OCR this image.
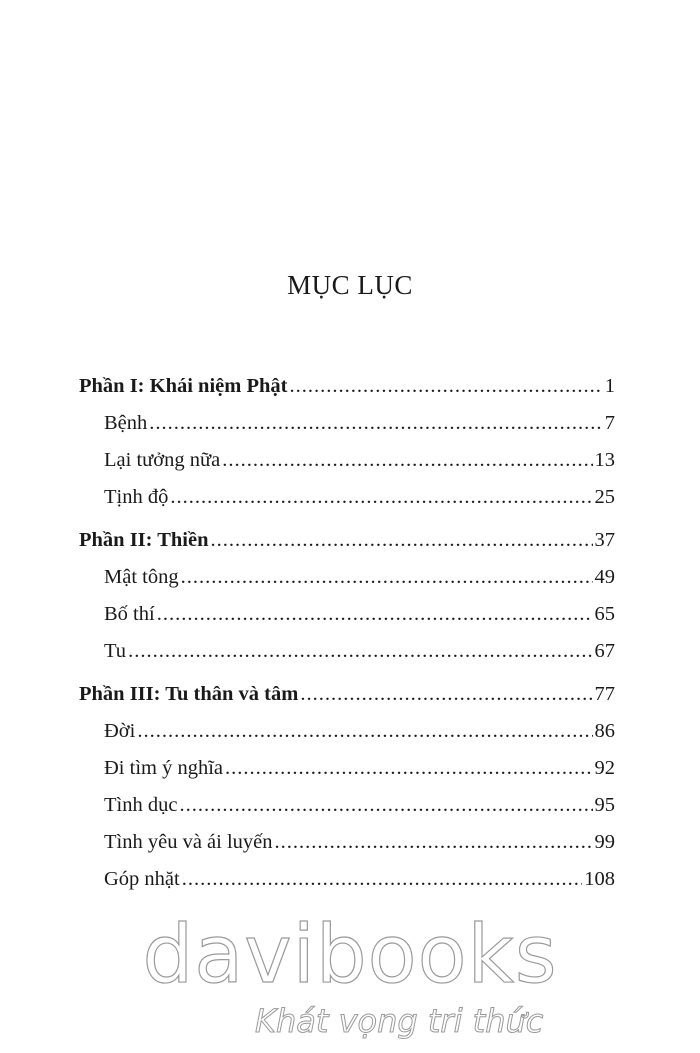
MỤC LỤC
Phần I: Khái niệm Phật .....	1
Bệnh .....	7
Lại tưởng nữa .....	13
Tịnh độ .....	25
Phần II: Thiền .....	37
Mật tông .....	49
Bố thí .....	65
Tu .....	67
Phần III: Tu thân và tâm .....	77
Đời .....	86
Đi tìm ý nghĩa .....	92
Tình dục .....	95
Tình yêu và ái luyến .....	99
Góp nhặt .....	108
davibooks
Khát vọng tri thức
